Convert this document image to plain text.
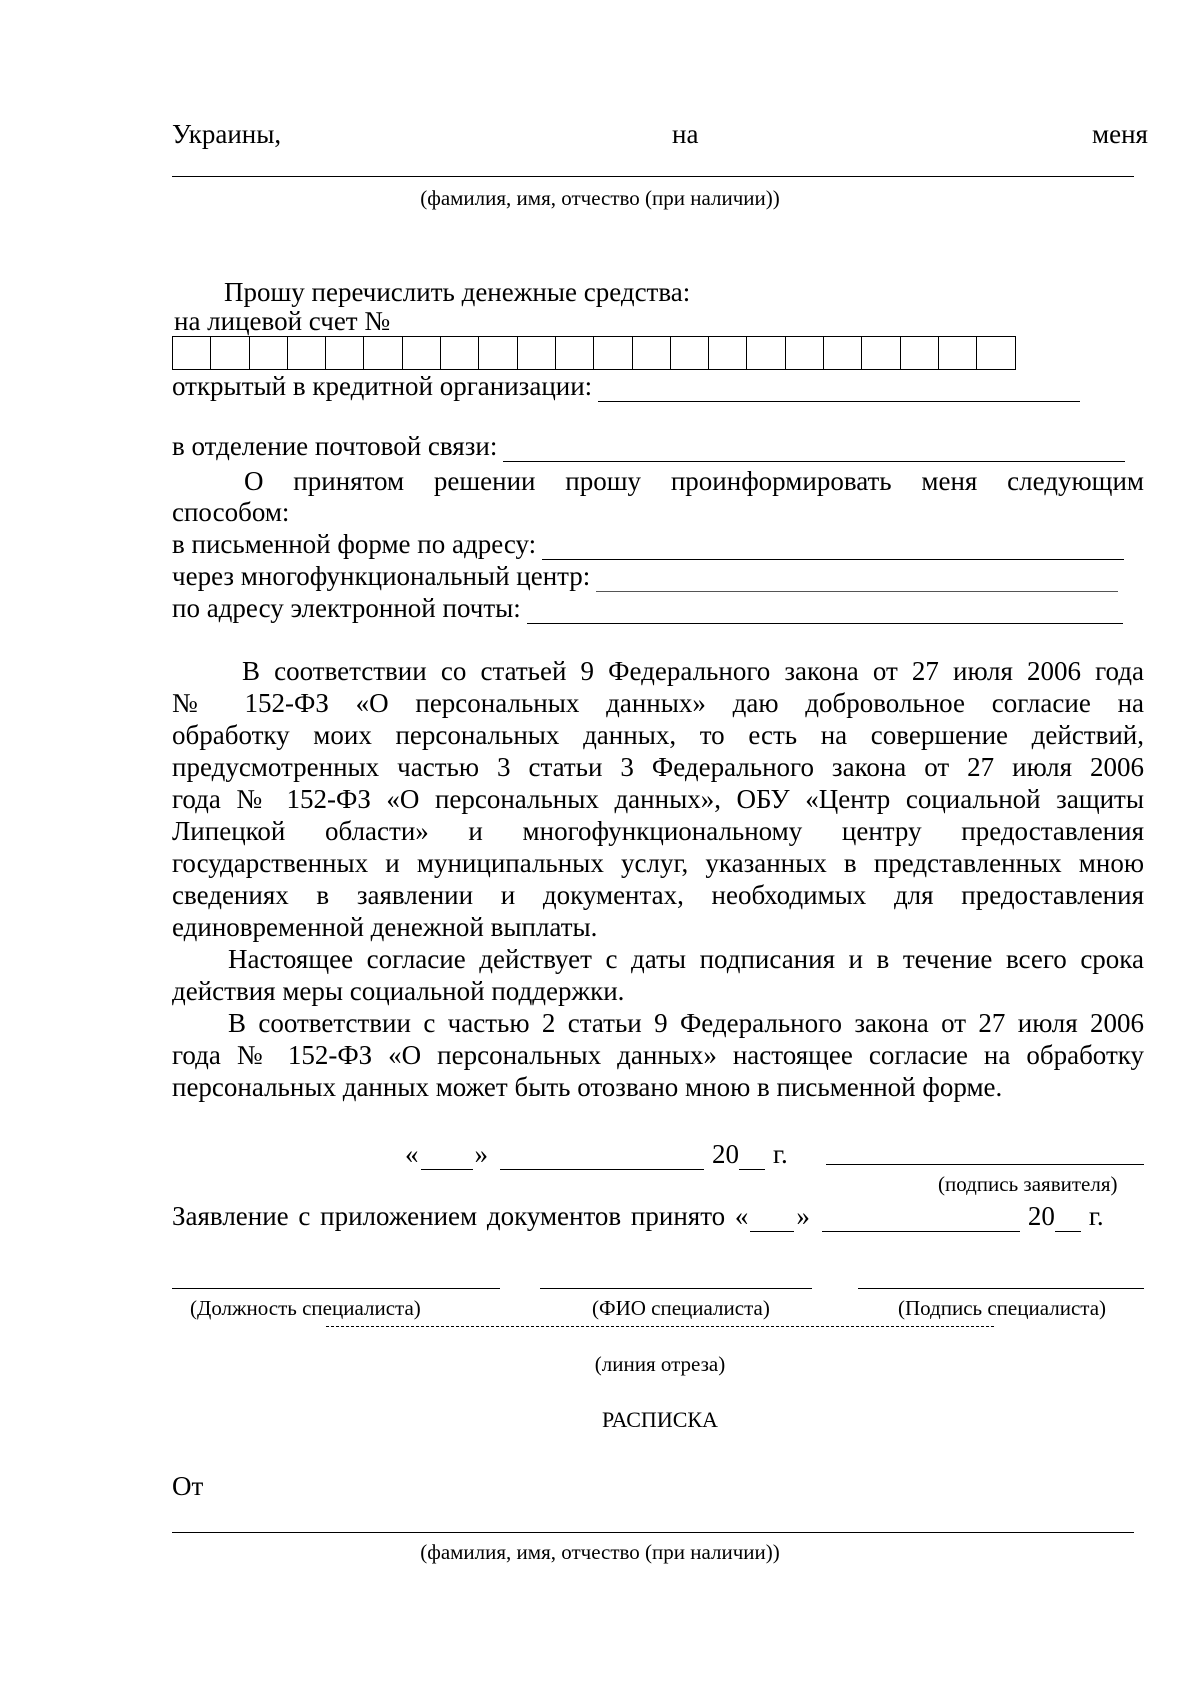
Украины,	на	меня
(фамилия, имя, отчество (при наличии))
Прошу перечислить денежные средства:
на лицевой счет №
открытый в кредитной организации:
в отделение почтовой связи:
О принятом решении прошу проинформировать меня следующим
способом:
в письменной форме по адресу:
через многофункциональный центр:
по адресу электронной почты:
В соответствии со статьей 9 Федерального закона от 27 июля 2006 года
№ 152-ФЗ «О персональных данных» даю добровольное согласие на
обработку моих персональных данных, то есть на совершение действий,
предусмотренных частью 3 статьи 3 Федерального закона от 27 июля 2006
года № 152-ФЗ «О персональных данных», ОБУ «Центр социальной защиты
Липецкой области» и многофункциональному центру предоставления
государственных и муниципальных услуг, указанных в представленных мною
сведениях в заявлении и документах, необходимых для предоставления
единовременной денежной выплаты.
Настоящее согласие действует с даты подписания и в течение всего срока
действия меры социальной поддержки.
В соответствии с частью 2 статьи 9 Федерального закона от 27 июля 2006
года № 152-ФЗ «О персональных данных» настоящее согласие на обработку
персональных данных может быть отозвано мною в письменной форме.
« »	20 г.
(подпись заявителя)
Заявление с приложением документов принято « »	20 г.
(Должность специалиста)	(ФИО специалиста)	(Подпись специалиста)
(линия отреза)
РАСПИСКА
От
(фамилия, имя, отчество (при наличии))
